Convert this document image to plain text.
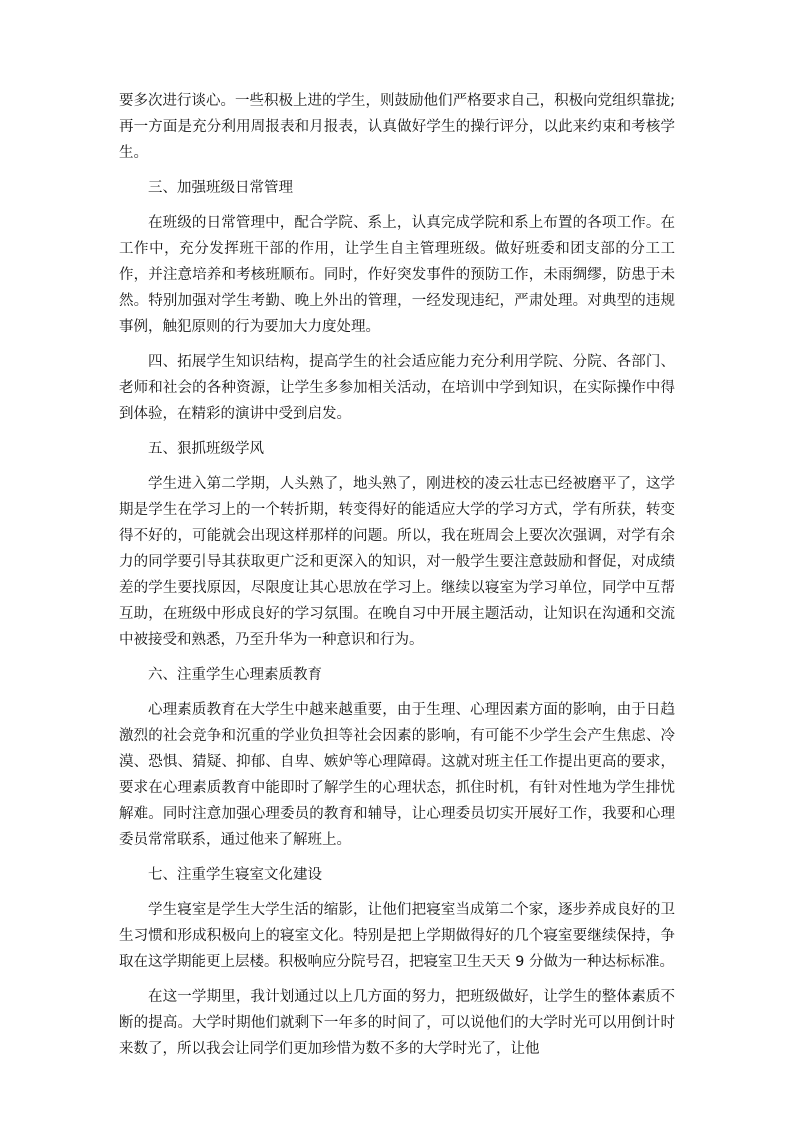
要多次进行谈心。一些积极上进的学生，则鼓励他们严格要求自己，积极向党组织靠拢;再一方面是充分利用周报表和月报表，认真做好学生的操行评分，以此来约束和考核学生。

三、加强班级日常管理

在班级的日常管理中，配合学院、系上，认真完成学院和系上布置的各项工作。在工作中，充分发挥班干部的作用，让学生自主管理班级。做好班委和团支部的分工工作，并注意培养和考核班顺布。同时，作好突发事件的预防工作，未雨绸缪，防患于未然。特别加强对学生考勤、晚上外出的管理，一经发现违纪，严肃处理。对典型的违规事例，触犯原则的行为要加大力度处理。

四、拓展学生知识结构，提高学生的社会适应能力充分利用学院、分院、各部门、老师和社会的各种资源，让学生多参加相关活动，在培训中学到知识，在实际操作中得到体验，在精彩的演讲中受到启发。

五、狠抓班级学风

学生进入第二学期，人头熟了，地头熟了，刚进校的凌云壮志已经被磨平了，这学期是学生在学习上的一个转折期，转变得好的能适应大学的学习方式，学有所获，转变得不好的，可能就会出现这样那样的问题。所以，我在班周会上要次次强调，对学有余力的同学要引导其获取更广泛和更深入的知识，对一般学生要注意鼓励和督促，对成绩差的学生要找原因，尽限度让其心思放在学习上。继续以寝室为学习单位，同学中互帮互助，在班级中形成良好的学习氛围。在晚自习中开展主题活动，让知识在沟通和交流中被接受和熟悉，乃至升华为一种意识和行为。

六、注重学生心理素质教育

心理素质教育在大学生中越来越重要，由于生理、心理因素方面的影响，由于日趋激烈的社会竞争和沉重的学业负担等社会因素的影响，有可能不少学生会产生焦虑、冷漠、恐惧、猜疑、抑郁、自卑、嫉妒等心理障碍。这就对班主任工作提出更高的要求，要求在心理素质教育中能即时了解学生的心理状态，抓住时机，有针对性地为学生排忧解难。同时注意加强心理委员的教育和辅导，让心理委员切实开展好工作，我要和心理委员常常联系，通过他来了解班上。

七、注重学生寝室文化建设

学生寝室是学生大学生活的缩影，让他们把寝室当成第二个家，逐步养成良好的卫生习惯和形成积极向上的寝室文化。特别是把上学期做得好的几个寝室要继续保持，争取在这学期能更上层楼。积极响应分院号召，把寝室卫生天天 9 分做为一种达标标准。

在这一学期里，我计划通过以上几方面的努力，把班级做好，让学生的整体素质不断的提高。大学时期他们就剩下一年多的时间了，可以说他们的大学时光可以用倒计时来数了，所以我会让同学们更加珍惜为数不多的大学时光了，让他
